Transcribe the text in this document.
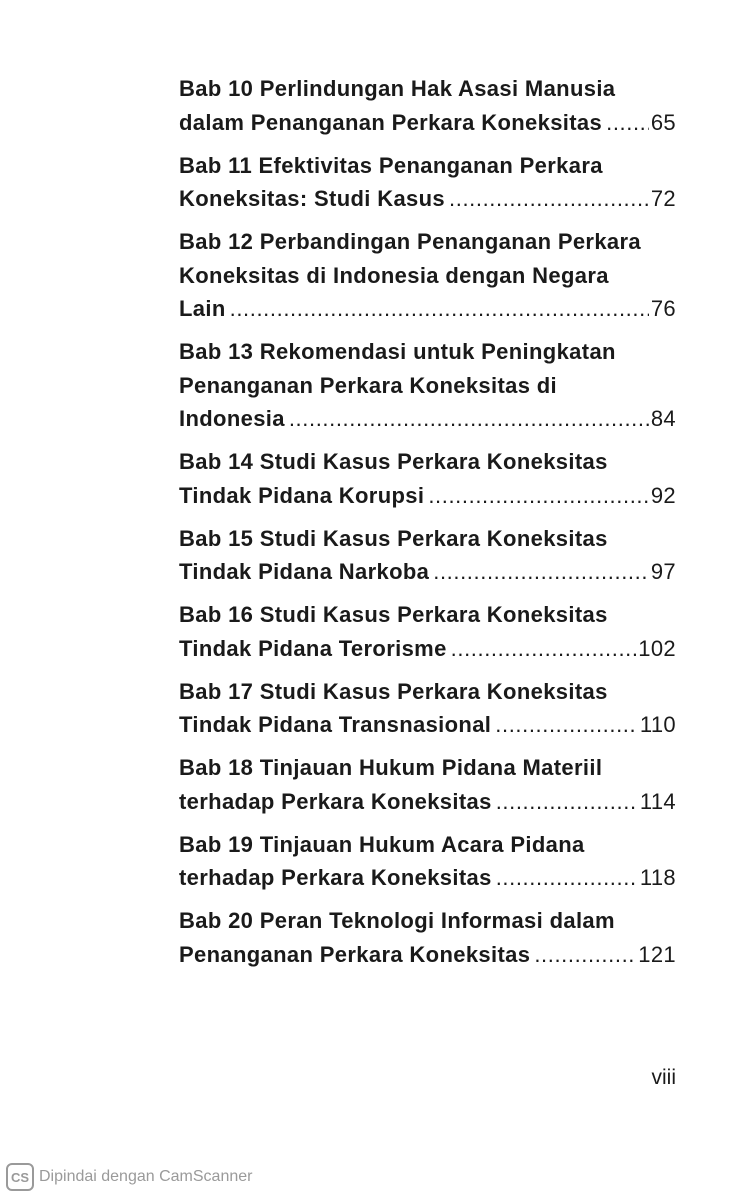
Bab 10 Perlindungan Hak Asasi Manusia
dalam Penanganan Perkara Koneksitas ..... 65
Bab 11 Efektivitas Penanganan Perkara
Koneksitas: Studi Kasus .....	72
Bab 12 Perbandingan Penanganan Perkara
Koneksitas di Indonesia dengan Negara
Lain .....	76
Bab 13 Rekomendasi untuk Peningkatan
Penanganan Perkara Koneksitas di
Indonesia .....	84
Bab 14 Studi Kasus Perkara Koneksitas
Tindak Pidana Korupsi .....	92
Bab 15 Studi Kasus Perkara Koneksitas
Tindak Pidana Narkoba .....	97
Bab 16 Studi Kasus Perkara Koneksitas
Tindak Pidana Terorisme .....	102
Bab 17 Studi Kasus Perkara Koneksitas
Tindak Pidana Transnasional .....	110
Bab 18 Tinjauan Hukum Pidana Materiil
terhadap Perkara Koneksitas .....	114
Bab 19 Tinjauan Hukum Acara Pidana
terhadap Perkara Koneksitas .....	118
Bab 20 Peran Teknologi Informasi dalam
Penanganan Perkara Koneksitas .....	121
viii
CS Dipindai dengan CamScanner
